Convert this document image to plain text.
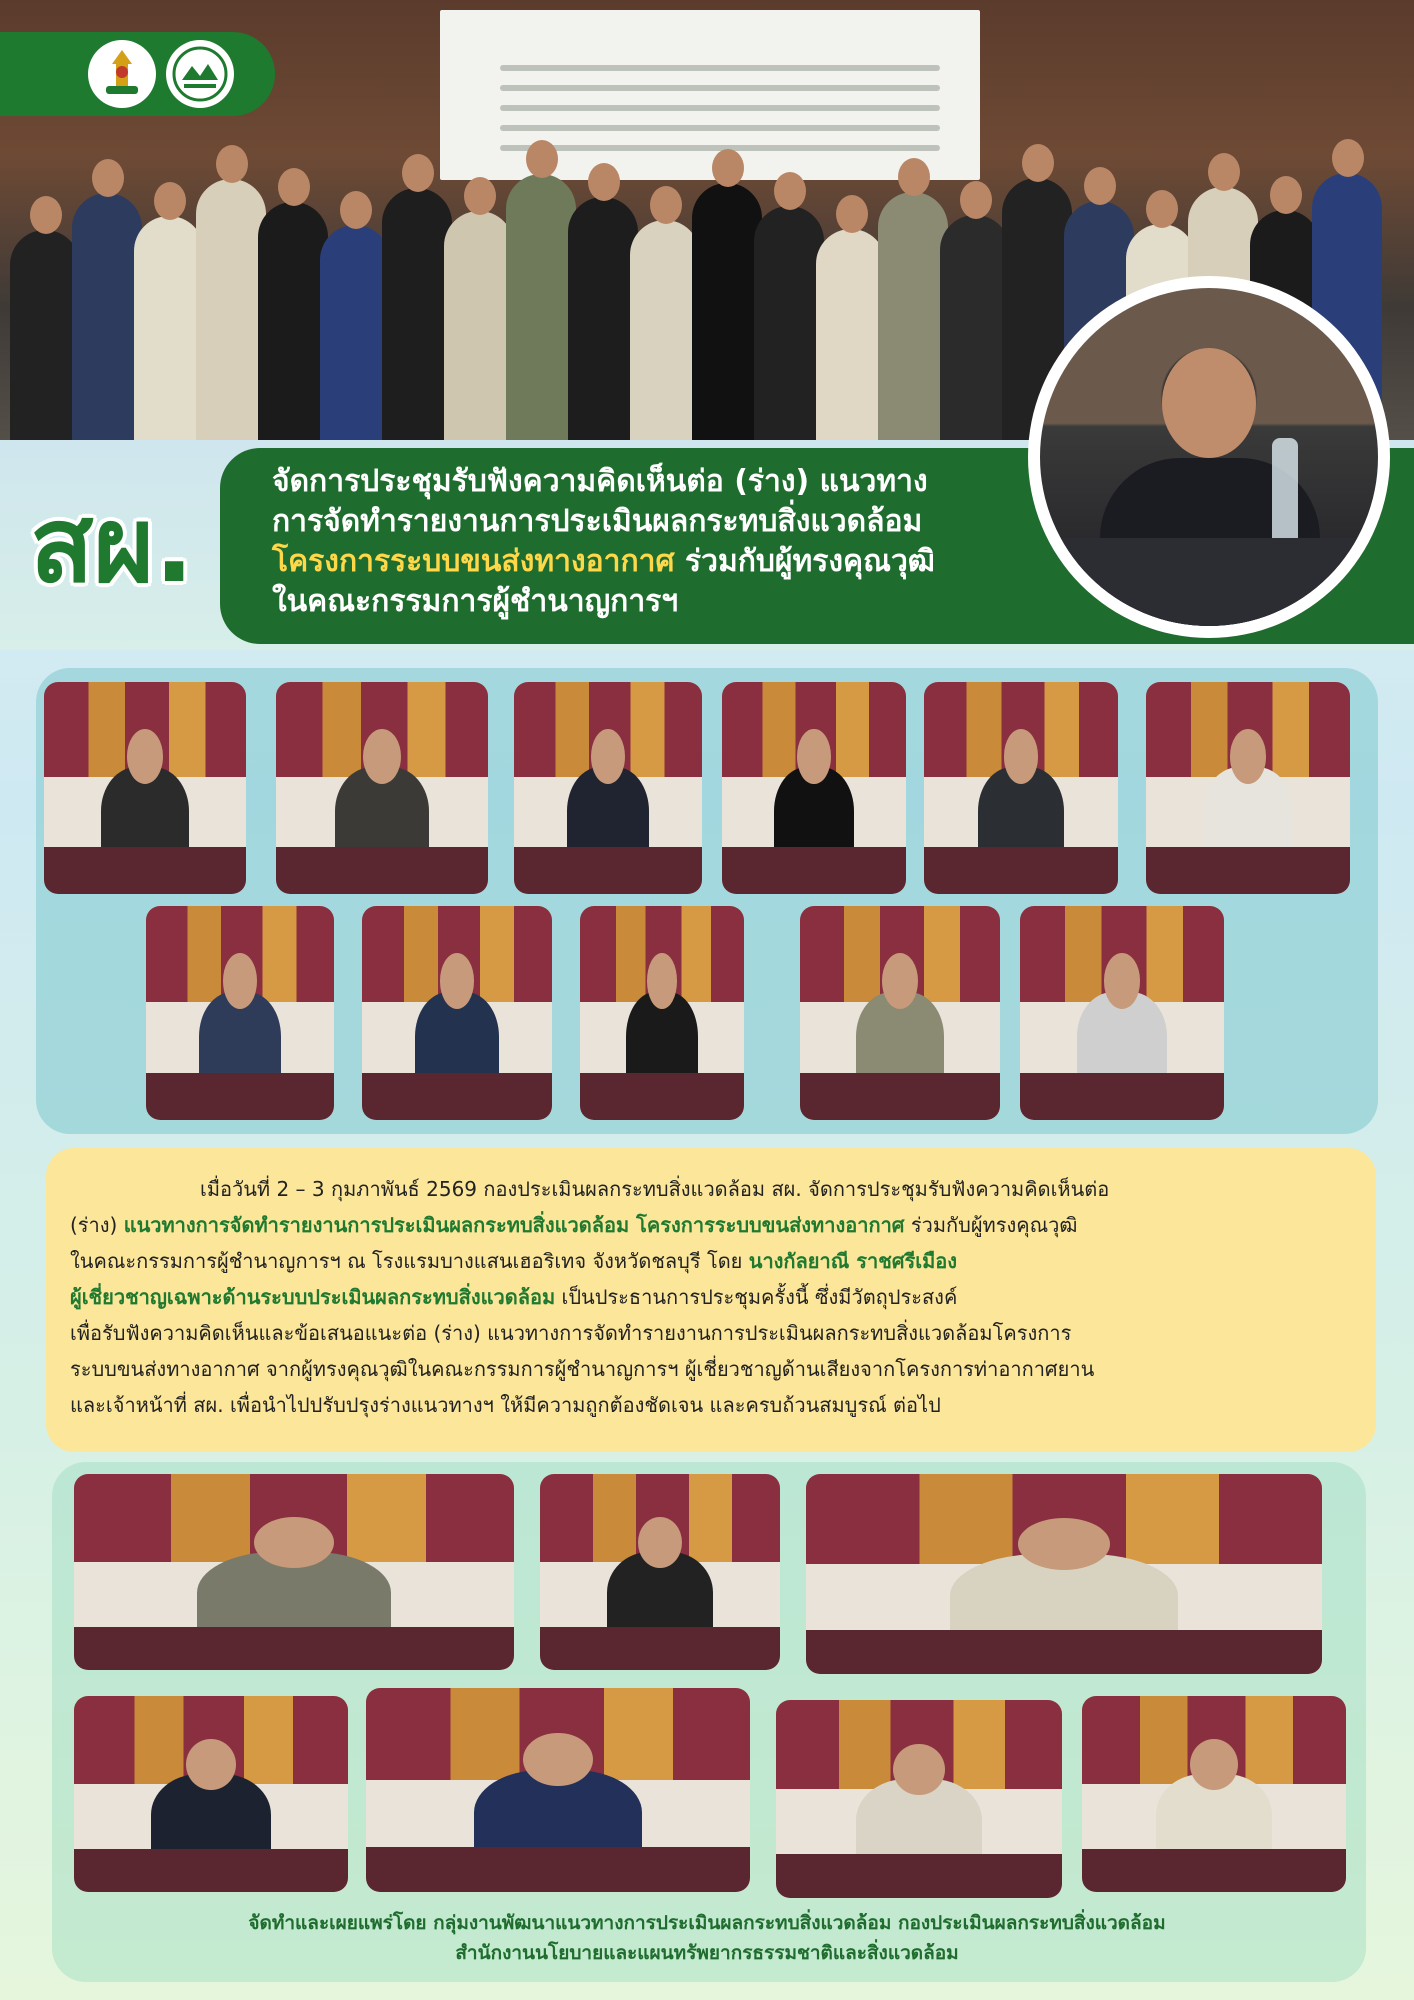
สผ.
จัดการประชุมรับฟังความคิดเห็นต่อ (ร่าง) แนวทาง
การจัดทำรายงานการประเมินผลกระทบสิ่งแวดล้อม
โครงการระบบขนส่งทางอากาศ ร่วมกับผู้ทรงคุณวุฒิ
ในคณะกรรมการผู้ชำนาญการฯ
เมื่อวันที่ 2 – 3 กุมภาพันธ์ 2569 กองประเมินผลกระทบสิ่งแวดล้อม สผ. จัดการประชุมรับฟังความคิดเห็นต่อ
(ร่าง) แนวทางการจัดทำรายงานการประเมินผลกระทบสิ่งแวดล้อม โครงการระบบขนส่งทางอากาศ ร่วมกับผู้ทรงคุณวุฒิ
ในคณะกรรมการผู้ชำนาญการฯ ณ โรงแรมบางแสนเฮอริเทจ จังหวัดชลบุรี โดย นางกัลยาณี ราชศรีเมือง
ผู้เชี่ยวชาญเฉพาะด้านระบบประเมินผลกระทบสิ่งแวดล้อม เป็นประธานการประชุมครั้งนี้ ซึ่งมีวัตถุประสงค์
เพื่อรับฟังความคิดเห็นและข้อเสนอแนะต่อ (ร่าง) แนวทางการจัดทำรายงานการประเมินผลกระทบสิ่งแวดล้อมโครงการ
ระบบขนส่งทางอากาศ จากผู้ทรงคุณวุฒิในคณะกรรมการผู้ชำนาญการฯ ผู้เชี่ยวชาญด้านเสียงจากโครงการท่าอากาศยาน
และเจ้าหน้าที่ สผ. เพื่อนำไปปรับปรุงร่างแนวทางฯ ให้มีความถูกต้องชัดเจน และครบถ้วนสมบูรณ์ ต่อไป
จัดทำและเผยแพร่โดย กลุ่มงานพัฒนาแนวทางการประเมินผลกระทบสิ่งแวดล้อม กองประเมินผลกระทบสิ่งแวดล้อม
สำนักงานนโยบายและแผนทรัพยากรธรรมชาติและสิ่งแวดล้อม
